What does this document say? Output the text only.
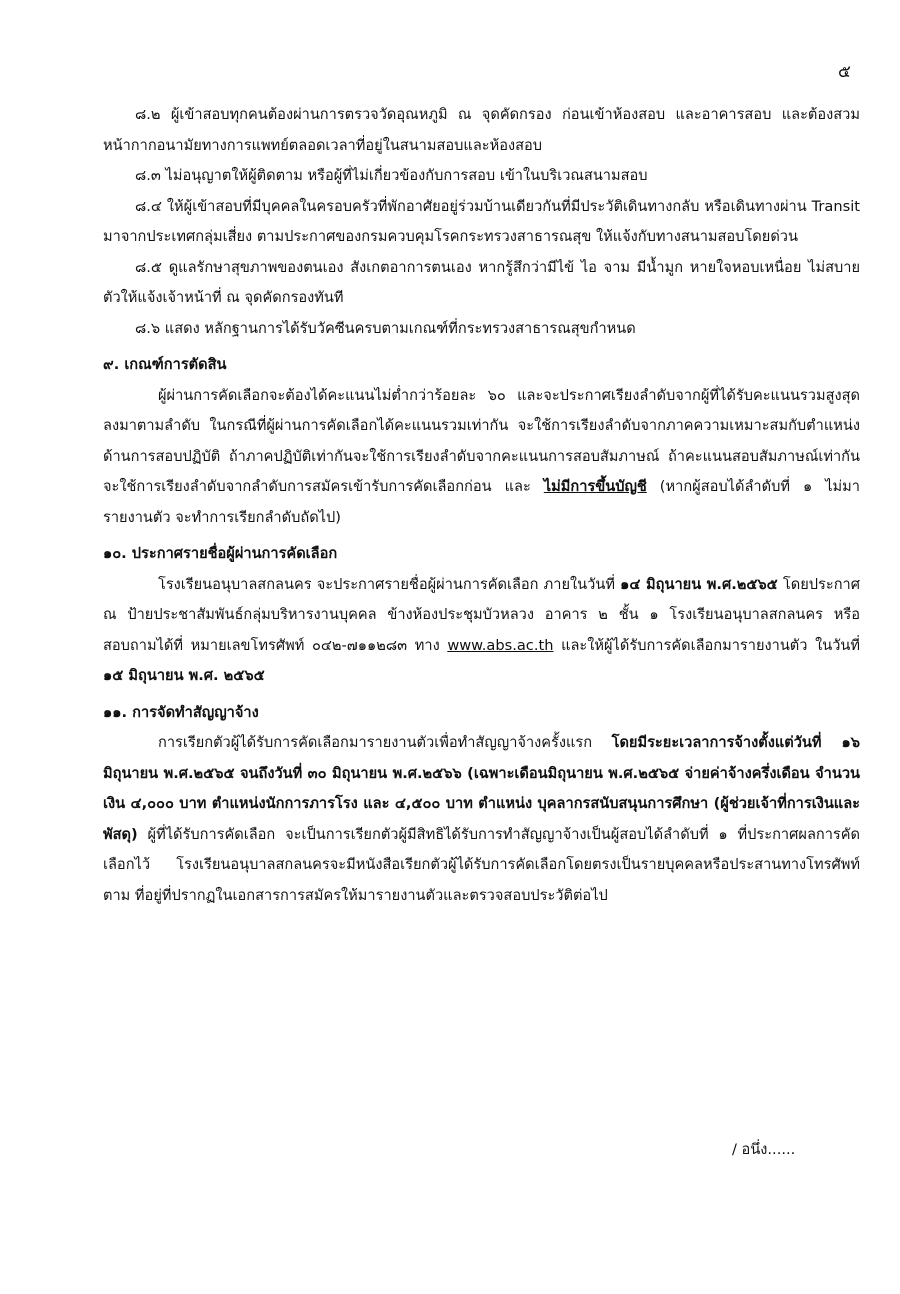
๕

๘.๒ ผู้เข้าสอบทุกคนต้องผ่านการตรวจวัดอุณหภูมิ ณ จุดคัดกรอง ก่อนเข้าห้องสอบ และอาคารสอบ และต้องสวมหน้ากากอนามัยทางการแพทย์ตลอดเวลาที่อยู่ในสนามสอบและห้องสอบ

๘.๓ ไม่อนุญาตให้ผู้ติดตาม หรือผู้ที่ไม่เกี่ยวข้องกับการสอบ เข้าในบริเวณสนามสอบ

๘.๔ ให้ผู้เข้าสอบที่มีบุคคลในครอบครัวที่พักอาศัยอยู่ร่วมบ้านเดียวกันที่มีประวัติเดินทางกลับ หรือเดินทางผ่าน Transit มาจากประเทศกลุ่มเสี่ยง ตามประกาศของกรมควบคุมโรคกระทรวงสาธารณสุข ให้แจ้งกับทางสนามสอบโดยด่วน

๘.๕ ดูแลรักษาสุขภาพของตนเอง สังเกตอาการตนเอง หากรู้สึกว่ามีไข้ ไอ จาม มีน้ำมูก หายใจหอบเหนื่อย ไม่สบายตัวให้แจ้งเจ้าหน้าที่ ณ จุดคัดกรองทันที

๘.๖ แสดง หลักฐานการได้รับวัคซีนครบตามเกณฑ์ที่กระทรวงสาธารณสุขกำหนด

๙. เกณฑ์การตัดสิน

ผู้ผ่านการคัดเลือกจะต้องได้คะแนนไม่ต่ำกว่าร้อยละ ๖๐ และจะประกาศเรียงลำดับจากผู้ที่ได้รับคะแนนรวมสูงสุดลงมาตามลำดับ ในกรณีที่ผู้ผ่านการคัดเลือกได้คะแนนรวมเท่ากัน จะใช้การเรียงลำดับจากภาคความเหมาะสมกับตำแหน่งด้านการสอบปฏิบัติ ถ้าภาคปฏิบัติเท่ากันจะใช้การเรียงลำดับจากคะแนนการสอบสัมภาษณ์ ถ้าคะแนนสอบสัมภาษณ์เท่ากันจะใช้การเรียงลำดับจากลำดับการสมัครเข้ารับการคัดเลือกก่อน และ ไม่มีการขึ้นบัญชี (หากผู้สอบได้ลำดับที่ ๑ ไม่มารายงานตัว จะทำการเรียกลำดับถัดไป)

๑๐. ประกาศรายชื่อผู้ผ่านการคัดเลือก

โรงเรียนอนุบาลสกลนคร จะประกาศรายชื่อผู้ผ่านการคัดเลือก ภายในวันที่ ๑๔ มิถุนายน พ.ศ.๒๕๖๕ โดยประกาศ ณ ป้ายประชาสัมพันธ์กลุ่มบริหารงานบุคคล ข้างห้องประชุมบัวหลวง อาคาร ๒ ชั้น ๑ โรงเรียนอนุบาลสกลนคร หรือสอบถามได้ที่ หมายเลขโทรศัพท์ ๐๔๒-๗๑๑๒๘๓ ทาง www.abs.ac.th และให้ผู้ได้รับการคัดเลือกมารายงานตัว ในวันที่ ๑๕ มิถุนายน พ.ศ. ๒๕๖๕

๑๑. การจัดทำสัญญาจ้าง

การเรียกตัวผู้ได้รับการคัดเลือกมารายงานตัวเพื่อทำสัญญาจ้างครั้งแรก โดยมีระยะเวลาการจ้างตั้งแต่วันที่ ๑๖ มิถุนายน พ.ศ.๒๕๖๕ จนถึงวันที่ ๓๐ มิถุนายน พ.ศ.๒๕๖๖ (เฉพาะเดือนมิถุนายน พ.ศ.๒๕๖๕ จ่ายค่าจ้างครึ่งเดือน จำนวนเงิน ๔,๐๐๐ บาท ตำแหน่งนักการภารโรง และ ๔,๕๐๐ บาท ตำแหน่ง บุคลากรสนับสนุนการศึกษา (ผู้ช่วยเจ้าที่การเงินและพัสดุ) ผู้ที่ได้รับการคัดเลือก จะเป็นการเรียกตัวผู้มีสิทธิได้รับการทำสัญญาจ้างเป็นผู้สอบได้ลำดับที่ ๑ ที่ประกาศผลการคัดเลือกไว้ โรงเรียนอนุบาลสกลนครจะมีหนังสือเรียกตัวผู้ได้รับการคัดเลือกโดยตรงเป็นรายบุคคลหรือประสานทางโทรศัพท์ตาม ที่อยู่ที่ปรากฏในเอกสารการสมัครให้มารายงานตัวและตรวจสอบประวัติต่อไป

/ อนึ่ง......
